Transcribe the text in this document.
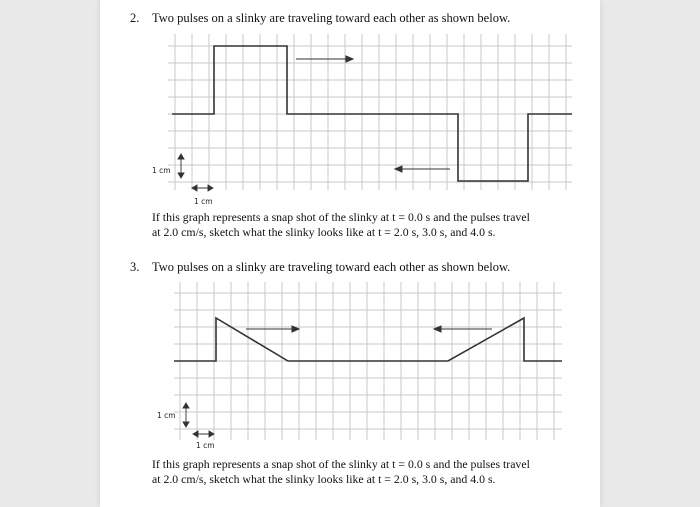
2. Two pulses on a slinky are traveling toward each other as shown below.
1 cm
1 cm
If this graph represents a snap shot of the slinky at t = 0.0 s and the pulses travel
at 2.0 cm/s, sketch what the slinky looks like at t = 2.0 s, 3.0 s, and 4.0 s.
3. Two pulses on a slinky are traveling toward each other as shown below.
1 cm
1 cm
If this graph represents a snap shot of the slinky at t = 0.0 s and the pulses travel
at 2.0 cm/s, sketch what the slinky looks like at t = 2.0 s, 3.0 s, and 4.0 s.
